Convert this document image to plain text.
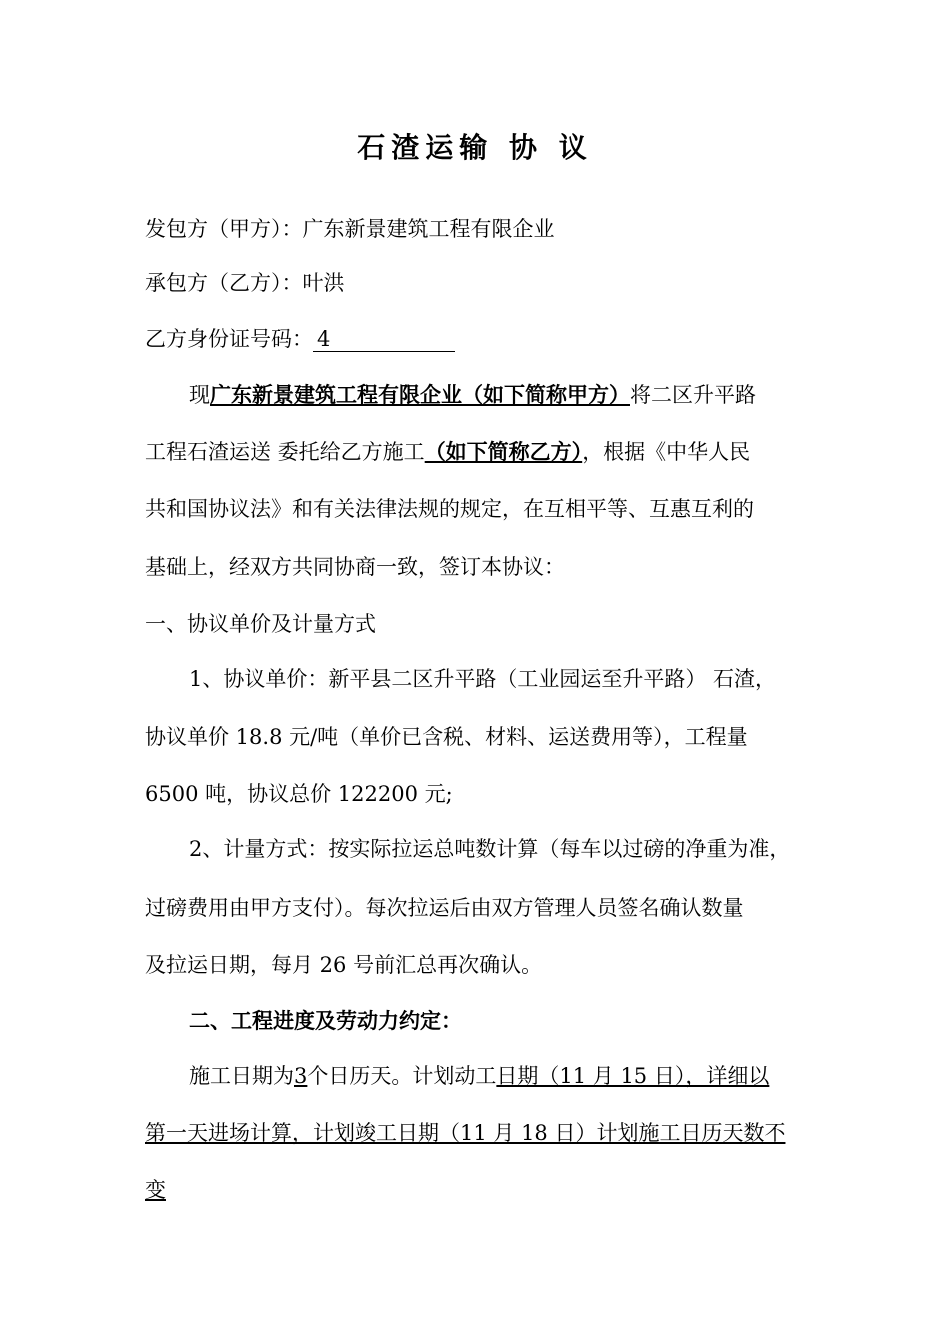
石渣运输 协 议

发包方（甲方）：广东新景建筑工程有限企业

承包方（乙方）：叶洪

乙方身份证号码： 4

现广东新景建筑工程有限企业（如下简称甲方）将二区升平路

工程石渣运送 委托给乙方施工（如下简称乙方），根据《中华人民

共和国协议法》和有关法律法规的规定，在互相平等、互惠互利的

基础上，经双方共同协商一致，签订本协议：

一、协议单价及计量方式

1、协议单价：新平县二区升平路（工业园运至升平路） 石渣，

协议单价 18.8 元/吨（单价已含税、材料、运送费用等），工程量

6500 吨，协议总价 122200 元;

2、计量方式：按实际拉运总吨数计算（每车以过磅的净重为准，

过磅费用由甲方支付）。每次拉运后由双方管理人员签名确认数量

及拉运日期，每月 26 号前汇总再次确认。

二、工程进度及劳动力约定：

施工日期为3个日历天。计划动工日期（11 月 15 日），详细以

第一天进场计算，计划竣工日期（11 月 18 日）计划施工日历天数不

变
